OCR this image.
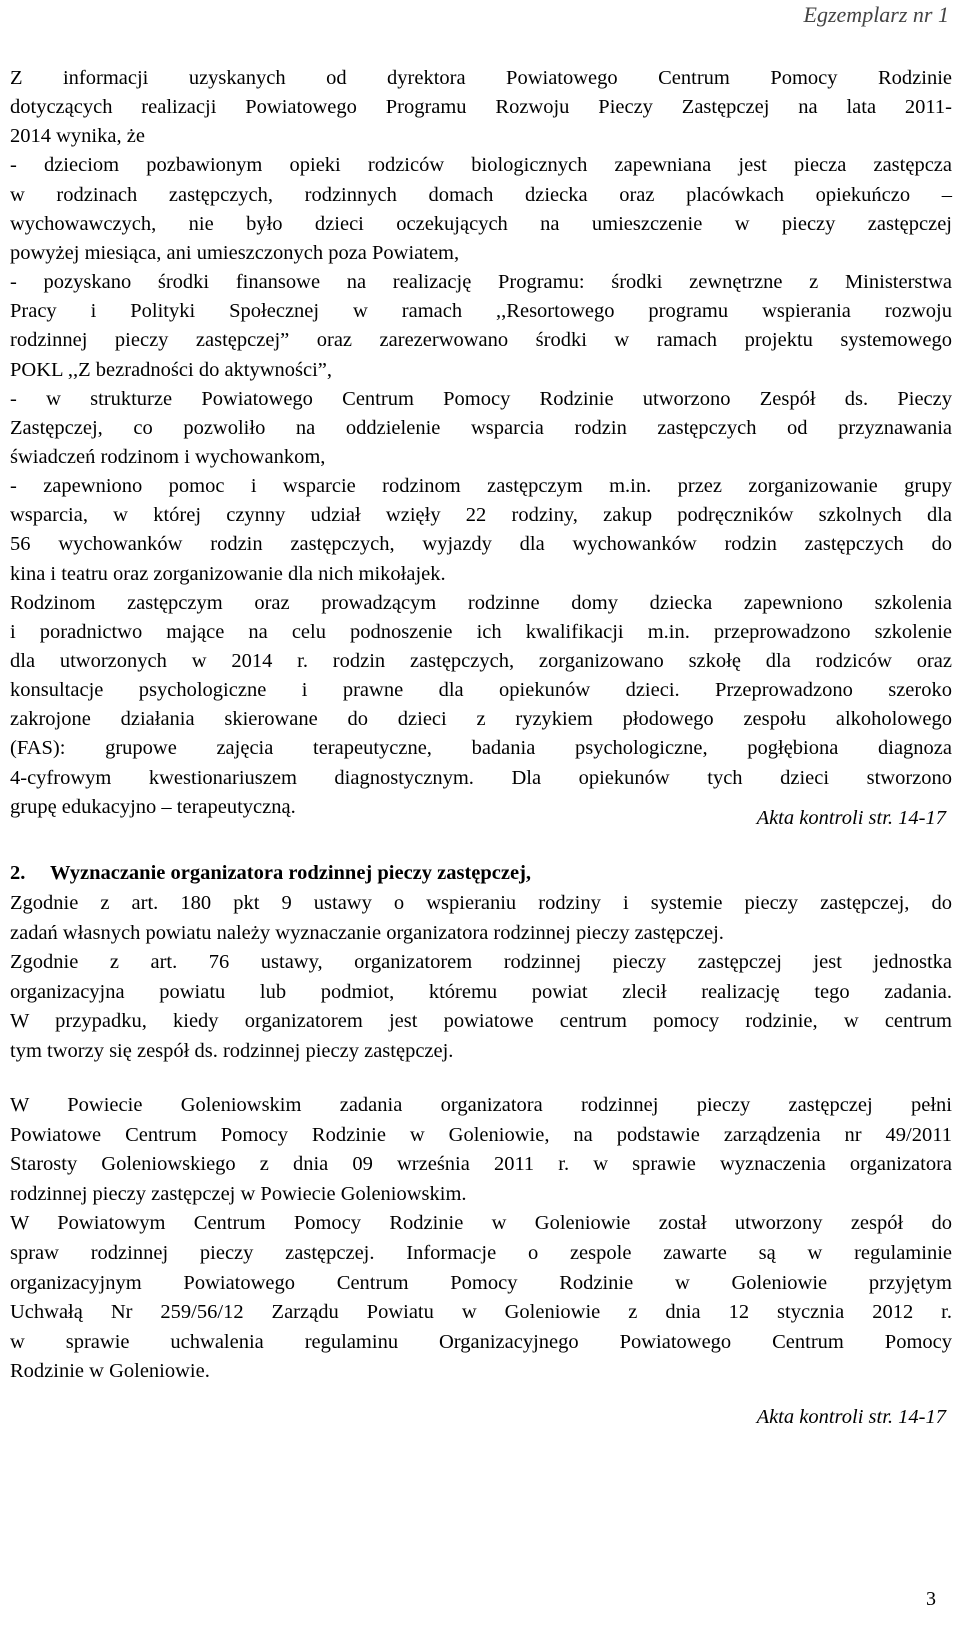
Egzemplarz nr 1
Z informacji uzyskanych od dyrektora Powiatowego Centrum Pomocy Rodzinie
dotyczących realizacji Powiatowego Programu Rozwoju Pieczy Zastępczej na lata 2011-
2014 wynika, że
- dzieciom pozbawionym opieki rodziców biologicznych zapewniana jest piecza zastępcza
w rodzinach zastępczych, rodzinnych domach dziecka oraz placówkach opiekuńczo –
wychowawczych, nie było dzieci oczekujących na umieszczenie w pieczy zastępczej
powyżej miesiąca, ani umieszczonych poza Powiatem,
- pozyskano środki finansowe na realizację Programu: środki zewnętrzne z Ministerstwa
Pracy i Polityki Społecznej w ramach ,,Resortowego programu wspierania rozwoju
rodzinnej pieczy zastępczej” oraz zarezerwowano środki w ramach projektu systemowego
POKL ,,Z bezradności do aktywności”,
- w strukturze Powiatowego Centrum Pomocy Rodzinie utworzono Zespół ds. Pieczy
Zastępczej, co pozwoliło na oddzielenie wsparcia rodzin zastępczych od przyznawania
świadczeń rodzinom i wychowankom,
- zapewniono pomoc i wsparcie rodzinom zastępczym m.in. przez zorganizowanie grupy
wsparcia, w której czynny udział wzięły 22 rodziny, zakup podręczników szkolnych dla
56 wychowanków rodzin zastępczych, wyjazdy dla wychowanków rodzin zastępczych do
kina i teatru oraz zorganizowanie dla nich mikołajek.
Rodzinom zastępczym oraz prowadzącym rodzinne domy dziecka zapewniono szkolenia
i poradnictwo mające na celu podnoszenie ich kwalifikacji m.in. przeprowadzono szkolenie
dla utworzonych w 2014 r. rodzin zastępczych, zorganizowano szkołę dla rodziców oraz
konsultacje psychologiczne i prawne dla opiekunów dzieci. Przeprowadzono szeroko
zakrojone działania skierowane do dzieci z ryzykiem płodowego zespołu alkoholowego
(FAS): grupowe zajęcia terapeutyczne, badania psychologiczne, pogłębiona diagnoza
4-cyfrowym kwestionariuszem diagnostycznym. Dla opiekunów tych dzieci stworzono
grupę edukacyjno – terapeutyczną.
Akta kontroli str. 14-17
2. Wyznaczanie organizatora rodzinnej pieczy zastępczej,
Zgodnie z art. 180 pkt 9 ustawy o wspieraniu rodziny i systemie pieczy zastępczej, do
zadań własnych powiatu należy wyznaczanie organizatora rodzinnej pieczy zastępczej.
Zgodnie z art. 76 ustawy, organizatorem rodzinnej pieczy zastępczej jest jednostka
organizacyjna powiatu lub podmiot, któremu powiat zlecił realizację tego zadania.
W przypadku, kiedy organizatorem jest powiatowe centrum pomocy rodzinie, w centrum
tym tworzy się zespół ds. rodzinnej pieczy zastępczej.
W Powiecie Goleniowskim zadania organizatora rodzinnej pieczy zastępczej pełni
Powiatowe Centrum Pomocy Rodzinie w Goleniowie, na podstawie zarządzenia nr 49/2011
Starosty Goleniowskiego z dnia 09 września 2011 r. w sprawie wyznaczenia organizatora
rodzinnej pieczy zastępczej w Powiecie Goleniowskim.
W Powiatowym Centrum Pomocy Rodzinie w Goleniowie został utworzony zespół do
spraw rodzinnej pieczy zastępczej. Informacje o zespole zawarte są w regulaminie
organizacyjnym Powiatowego Centrum Pomocy Rodzinie w Goleniowie przyjętym
Uchwałą Nr 259/56/12 Zarządu Powiatu w Goleniowie z dnia 12 stycznia 2012 r.
w sprawie uchwalenia regulaminu Organizacyjnego Powiatowego Centrum Pomocy
Rodzinie w Goleniowie.
Akta kontroli str. 14-17
3
